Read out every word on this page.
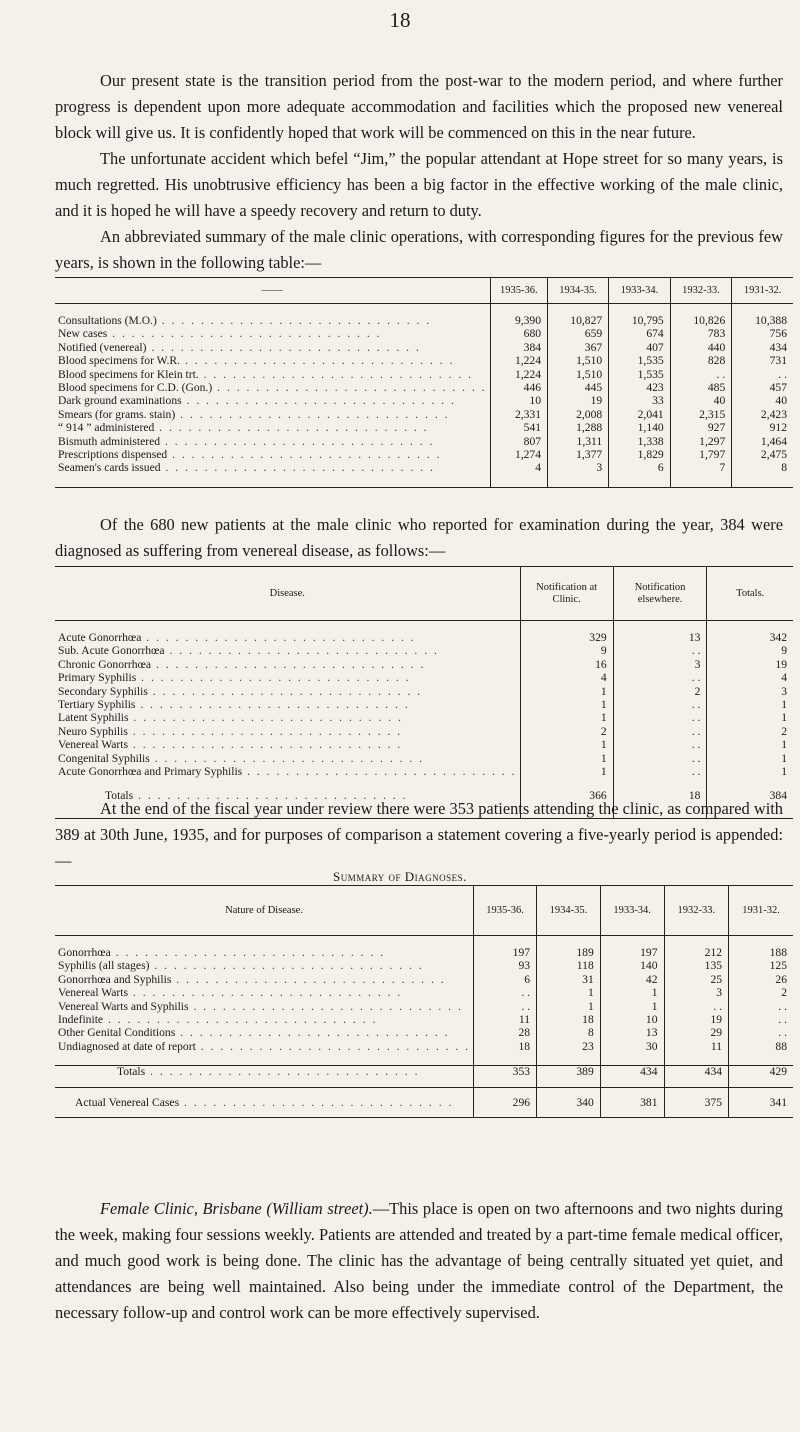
18

Our present state is the transition period from the post-war to the modern period, and where further progress is dependent upon more adequate accommodation and facilities which the proposed new venereal block will give us. It is confidently hoped that work will be commenced on this in the near future.

The unfortunate accident which befel “Jim,” the popular attendant at Hope street for so many years, is much regretted. His unobtrusive efficiency has been a big factor in the effective working of the male clinic, and it is hoped he will have a speedy recovery and return to duty.

An abbreviated summary of the male clinic operations, with corresponding figures for the previous few years, is shown in the following table:—

——	1935-36.	1934-35.	1933-34.	1932-33.	1931-32.

Consultations (M.O.) . . . . . . . . . . . . . . . . . . . . . . . . . . . .	9,390	10,827	10,795	10,826	10,388
New cases . . . . . . . . . . . . . . . . . . . . . . . . . . . .	680	659	674	783	756
Notified (venereal) . . . . . . . . . . . . . . . . . . . . . . . . . . . .	384	367	407	440	434
Blood specimens for W.R. . . . . . . . . . . . . . . . . . . . . . . . . . . . .	1,224	1,510	1,535	828	731
Blood specimens for Klein trt. . . . . . . . . . . . . . . . . . . . . . . . . . . . .	1,224	1,510	1,535	. .	. .
Blood specimens for C.D. (Gon.) . . . . . . . . . . . . . . . . . . . . . . . . . . . .	446	445	423	485	457
Dark ground examinations . . . . . . . . . . . . . . . . . . . . . . . . . . . .	10	19	33	40	40
Smears (for grams. stain) . . . . . . . . . . . . . . . . . . . . . . . . . . . .	2,331	2,008	2,041	2,315	2,423
“ 914 ” administered . . . . . . . . . . . . . . . . . . . . . . . . . . . .	541	1,288	1,140	927	912
Bismuth administered . . . . . . . . . . . . . . . . . . . . . . . . . . . .	807	1,311	1,338	1,297	1,464
Prescriptions dispensed . . . . . . . . . . . . . . . . . . . . . . . . . . . .	1,274	1,377	1,829	1,797	2,475
Seamen's cards issued . . . . . . . . . . . . . . . . . . . . . . . . . . . .	4	3	6	7	8

Of the 680 new patients at the male clinic who reported for examination during the year, 384 were diagnosed as suffering from venereal disease, as follows:—

Disease.	Notification at Clinic.	Notification elsewhere.	Totals.

Acute Gonorrhœa . . . . . . . . . . . . . . . . . . . . . . . . . . . .	329	13	342
Sub. Acute Gonorrhœa . . . . . . . . . . . . . . . . . . . . . . . . . . . .	9	. .	9
Chronic Gonorrhœa . . . . . . . . . . . . . . . . . . . . . . . . . . . .	16	3	19
Primary Syphilis . . . . . . . . . . . . . . . . . . . . . . . . . . . .	4	. .	4
Secondary Syphilis . . . . . . . . . . . . . . . . . . . . . . . . . . . .	1	2	3
Tertiary Syphilis . . . . . . . . . . . . . . . . . . . . . . . . . . . .	1	. .	1
Latent Syphilis . . . . . . . . . . . . . . . . . . . . . . . . . . . .	1	. .	1
Neuro Syphilis . . . . . . . . . . . . . . . . . . . . . . . . . . . .	2	. .	2
Venereal Warts . . . . . . . . . . . . . . . . . . . . . . . . . . . .	1	. .	1
Congenital Syphilis . . . . . . . . . . . . . . . . . . . . . . . . . . . .	1	. .	1
Acute Gonorrhœa and Primary Syphilis . . . . . . . . . . . . . . . . . . . . . . . . . . . .	1	. .	1

Totals . . . . . . . . . . . . . . . . . . . . . . . . . . . .	366	18	384

At the end of the fiscal year under review there were 353 patients attending the clinic, as compared with 389 at 30th June, 1935, and for purposes of comparison a statement covering a five-yearly period is appended:—

Summary of Diagnoses.
Nature of Disease.	1935-36.	1934-35.	1933-34.	1932-33.	1931-32.

Gonorrhœa . . . . . . . . . . . . . . . . . . . . . . . . . . . .	197	189	197	212	188
Syphilis (all stages) . . . . . . . . . . . . . . . . . . . . . . . . . . . .	93	118	140	135	125
Gonorrhœa and Syphilis . . . . . . . . . . . . . . . . . . . . . . . . . . . .	6	31	42	25	26
Venereal Warts . . . . . . . . . . . . . . . . . . . . . . . . . . . .	. .	1	1	3	2
Venereal Warts and Syphilis . . . . . . . . . . . . . . . . . . . . . . . . . . . .	. .	1	1	. .	. .
Indefinite . . . . . . . . . . . . . . . . . . . . . . . . . . . .	11	18	10	19	. .
Other Genital Conditions . . . . . . . . . . . . . . . . . . . . . . . . . . . .	28	8	13	29	. .
Undiagnosed at date of report . . . . . . . . . . . . . . . . . . . . . . . . . . . .	18	23	30	11	88

Totals . . . . . . . . . . . . . . . . . . . . . . . . . . . .	353	389	434	434	429
Actual Venereal Cases . . . . . . . . . . . . . . . . . . . . . . . . . . . .	296	340	381	375	341

Female Clinic, Brisbane (William street).—This place is open on two afternoons and two nights during the week, making four sessions weekly. Patients are attended and treated by a part-time female medical officer, and much good work is being done. The clinic has the advantage of being centrally situated yet quiet, and attendances are being well maintained. Also being under the immediate control of the Department, the necessary follow-up and control work can be more effectively supervised.
